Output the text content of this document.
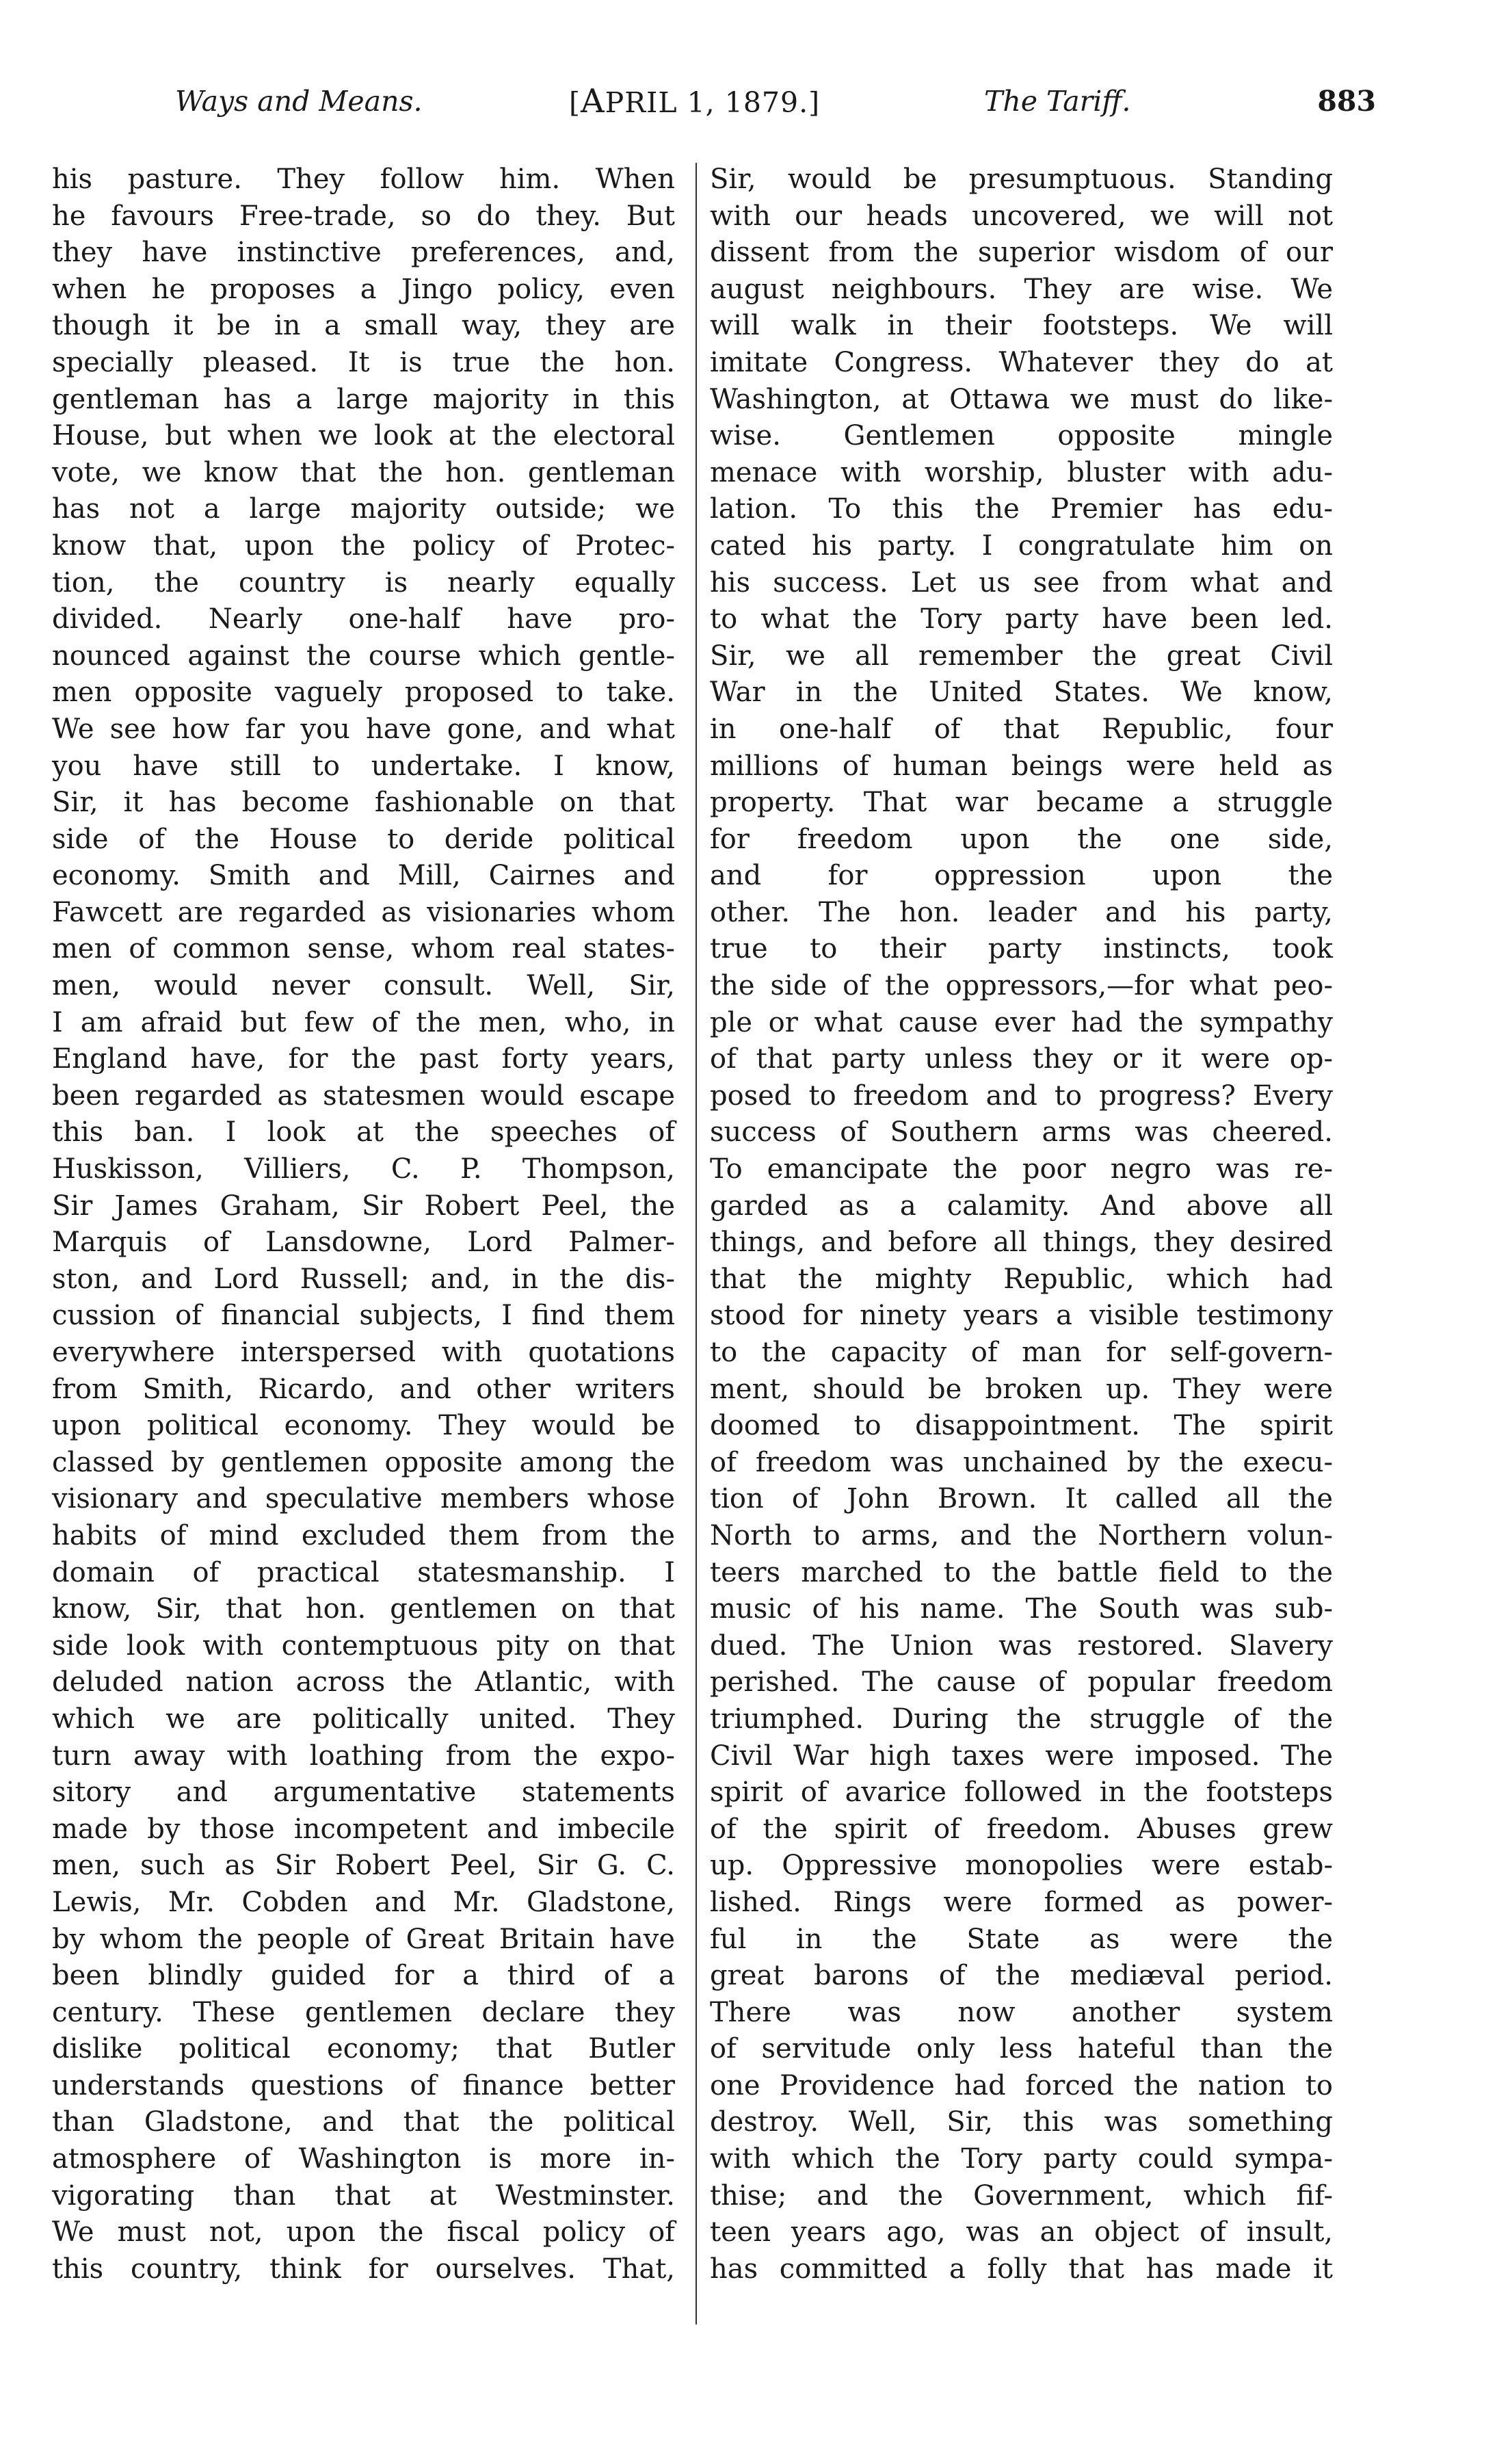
Ways and Means.	[APRIL 1, 1879.]	The Tariff.	883
his pasture. They follow him. When
he favours Free-trade, so do they. But
they have instinctive preferences, and,
when he proposes a Jingo policy, even
though it be in a small way, they are
specially pleased. It is true the hon.
gentleman has a large majority in this
House, but when we look at the electoral
vote, we know that the hon. gentleman
has not a large majority outside; we
know that, upon the policy of Protec-
tion, the country is nearly equally
divided. Nearly one-half have pro-
nounced against the course which gentle-
men opposite vaguely proposed to take.
We see how far you have gone, and what
you have still to undertake. I know,
Sir, it has become fashionable on that
side of the House to deride political
economy. Smith and Mill, Cairnes and
Fawcett are regarded as visionaries whom
men of common sense, whom real states-
men, would never consult. Well, Sir,
I am afraid but few of the men, who, in
England have, for the past forty years,
been regarded as statesmen would escape
this ban. I look at the speeches of
Huskisson, Villiers, C. P. Thompson,
Sir James Graham, Sir Robert Peel, the
Marquis of Lansdowne, Lord Palmer-
ston, and Lord Russell; and, in the dis-
cussion of financial subjects, I find them
everywhere interspersed with quotations
from Smith, Ricardo, and other writers
upon political economy. They would be
classed by gentlemen opposite among the
visionary and speculative members whose
habits of mind excluded them from the
domain of practical statesmanship. I
know, Sir, that hon. gentlemen on that
side look with contemptuous pity on that
deluded nation across the Atlantic, with
which we are politically united. They
turn away with loathing from the expo-
sitory and argumentative statements
made by those incompetent and imbecile
men, such as Sir Robert Peel, Sir G. C.
Lewis, Mr. Cobden and Mr. Gladstone,
by whom the people of Great Britain have
been blindly guided for a third of a
century. These gentlemen declare they
dislike political economy; that Butler
understands questions of finance better
than Gladstone, and that the political
atmosphere of Washington is more in-
vigorating than that at Westminster.
We must not, upon the fiscal policy of
this country, think for ourselves. That,
Sir, would be presumptuous. Standing
with our heads uncovered, we will not
dissent from the superior wisdom of our
august neighbours. They are wise. We
will walk in their footsteps. We will
imitate Congress. Whatever they do at
Washington, at Ottawa we must do like-
wise. Gentlemen opposite mingle
menace with worship, bluster with adu-
lation. To this the Premier has edu-
cated his party. I congratulate him on
his success. Let us see from what and
to what the Tory party have been led.
Sir, we all remember the great Civil
War in the United States. We know,
in one-half of that Republic, four
millions of human beings were held as
property. That war became a struggle
for freedom upon the one side,
and for oppression upon the
other. The hon. leader and his party,
true to their party instincts, took
the side of the oppressors,—for what peo-
ple or what cause ever had the sympathy
of that party unless they or it were op-
posed to freedom and to progress? Every
success of Southern arms was cheered.
To emancipate the poor negro was re-
garded as a calamity. And above all
things, and before all things, they desired
that the mighty Republic, which had
stood for ninety years a visible testimony
to the capacity of man for self-govern-
ment, should be broken up. They were
doomed to disappointment. The spirit
of freedom was unchained by the execu-
tion of John Brown. It called all the
North to arms, and the Northern volun-
teers marched to the battle field to the
music of his name. The South was sub-
dued. The Union was restored. Slavery
perished. The cause of popular freedom
triumphed. During the struggle of the
Civil War high taxes were imposed. The
spirit of avarice followed in the footsteps
of the spirit of freedom. Abuses grew
up. Oppressive monopolies were estab-
lished. Rings were formed as power-
ful in the State as were the
great barons of the mediæval period.
There was now another system
of servitude only less hateful than the
one Providence had forced the nation to
destroy. Well, Sir, this was something
with which the Tory party could sympa-
thise; and the Government, which fif-
teen years ago, was an object of insult,
has committed a folly that has made it
